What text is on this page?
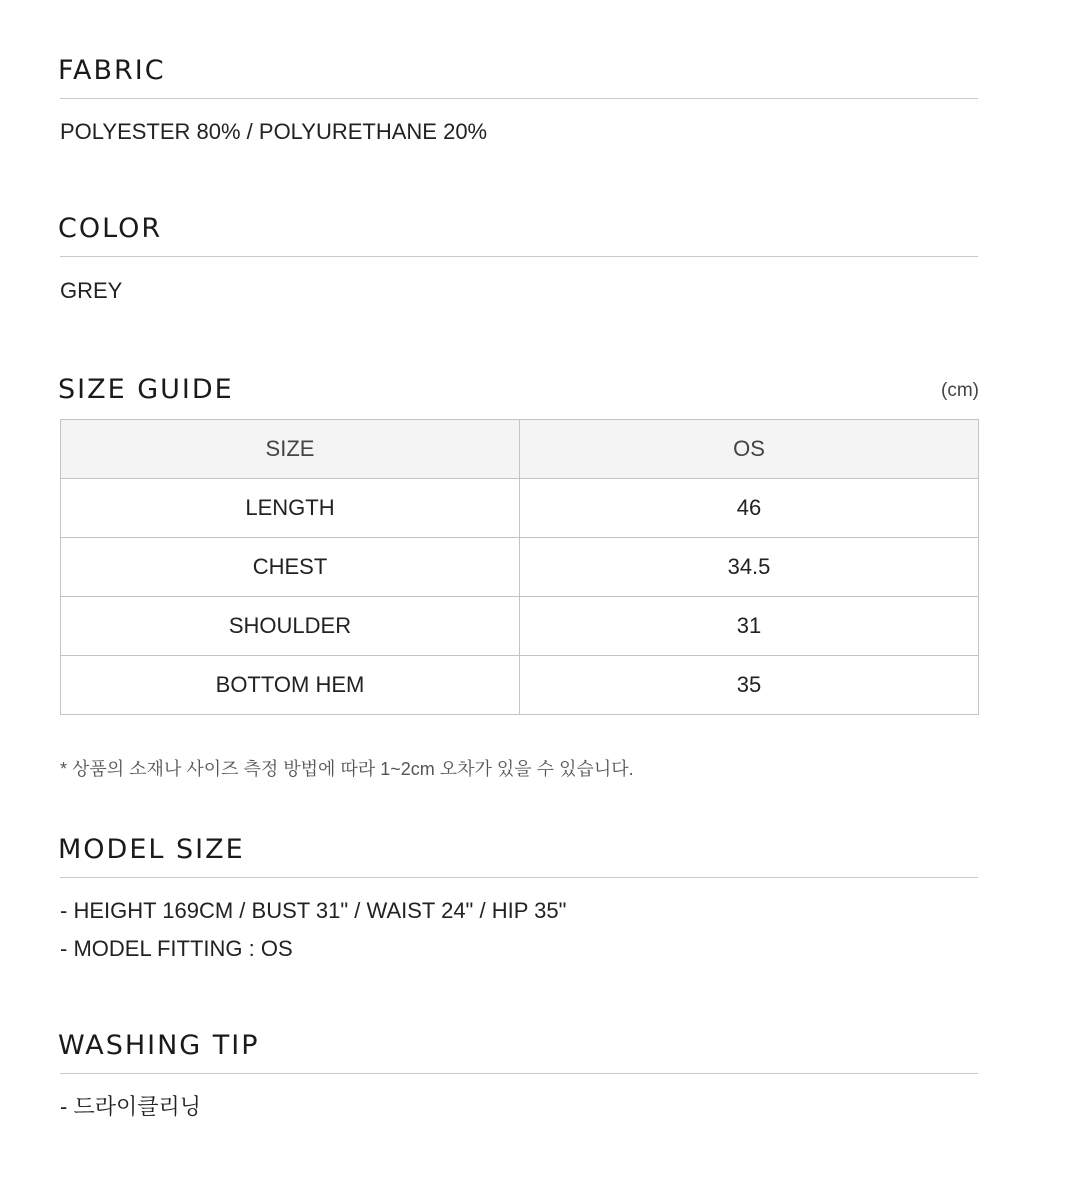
FABRIC

POLYESTER 80% / POLYURETHANE 20%

COLOR

GREY

SIZE GUIDE	(cm)
SIZE	OS
LENGTH	46
CHEST	34.5
SHOULDER	31
BOTTOM HEM	35

* 상품의 소재나 사이즈 측정 방법에 따라 1~2cm 오차가 있을 수 있습니다.

MODEL SIZE

- HEIGHT 169CM / BUST 31" / WAIST 24" / HIP 35"

- MODEL FITTING : OS

WASHING TIP

- 드라이클리닝
